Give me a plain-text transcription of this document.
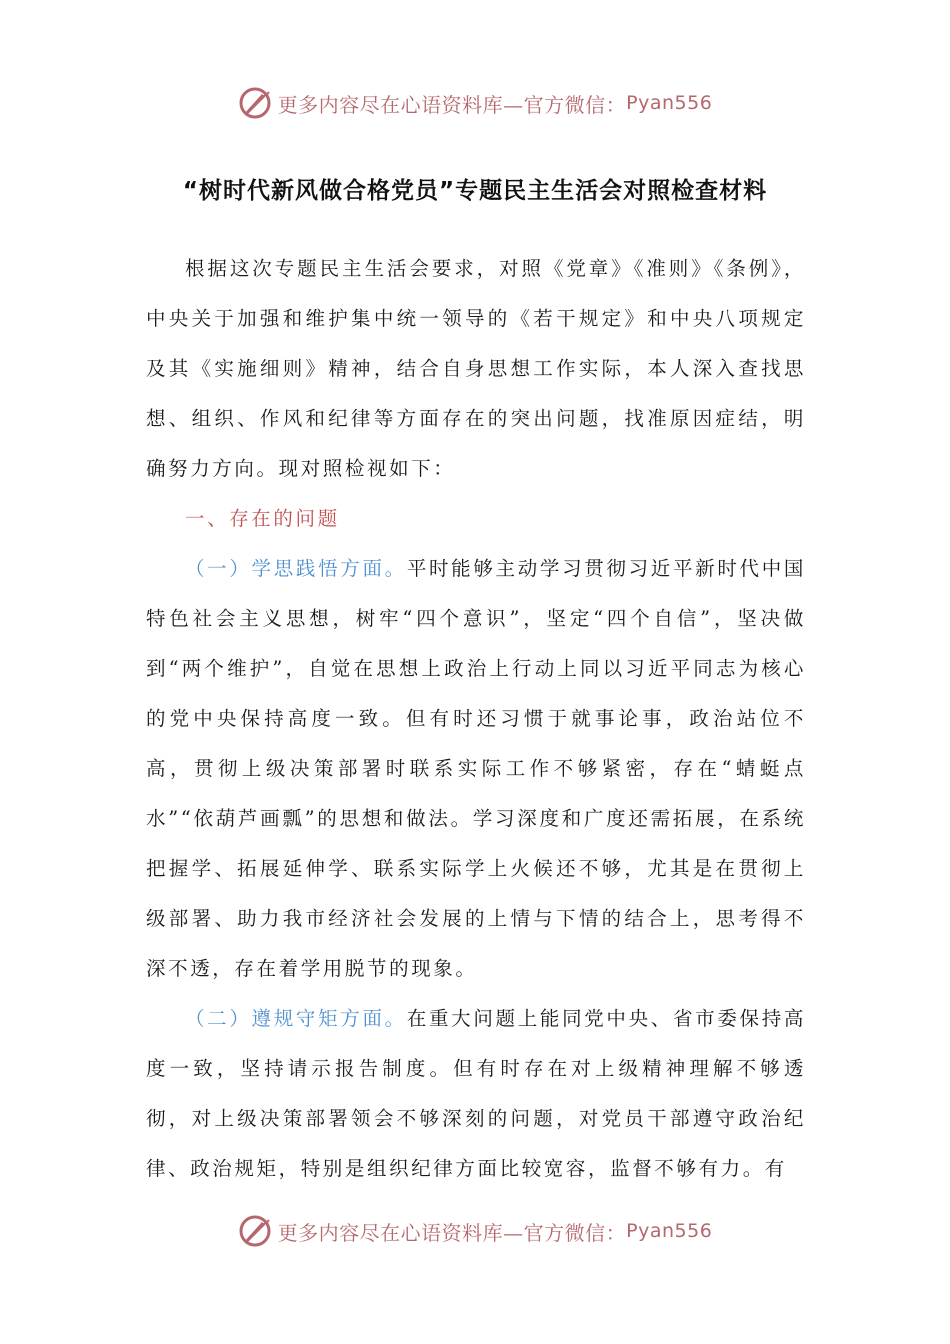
更多内容尽在心语资料库—官方微信： Pyan556
“树时代新风做合格党员”专题民主生活会对照检查材料

根据这次专题民主生活会要求，对照《党章》《准则》《条例》，中央关于加强和维护集中统一领导的《若干规定》和中央八项规定及其《实施细则》精神，结合自身思想工作实际，本人深入查找思想、组织、作风和纪律等方面存在的突出问题，找准原因症结，明确努力方向。现对照检视如下：

一、存在的问题

（一）学思践悟方面。平时能够主动学习贯彻习近平新时代中国特色社会主义思想，树牢“四个意识”，坚定“四个自信”，坚决做到“两个维护”，自觉在思想上政治上行动上同以习近平同志为核心的党中央保持高度一致。但有时还习惯于就事论事，政治站位不高，贯彻上级决策部署时联系实际工作不够紧密，存在“蜻蜓点水”“依葫芦画瓢”的思想和做法。学习深度和广度还需拓展，在系统把握学、拓展延伸学、联系实际学上火候还不够，尤其是在贯彻上级部署、助力我市经济社会发展的上情与下情的结合上，思考得不深不透，存在着学用脱节的现象。

（二）遵规守矩方面。在重大问题上能同党中央、省市委保持高度一致，坚持请示报告制度。但有时存在对上级精神理解不够透彻，对上级决策部署领会不够深刻的问题，对党员干部遵守政治纪律、政治规矩，特别是组织纪律方面比较宽容，监督不够有力。有

更多内容尽在心语资料库—官方微信： Pyan556
